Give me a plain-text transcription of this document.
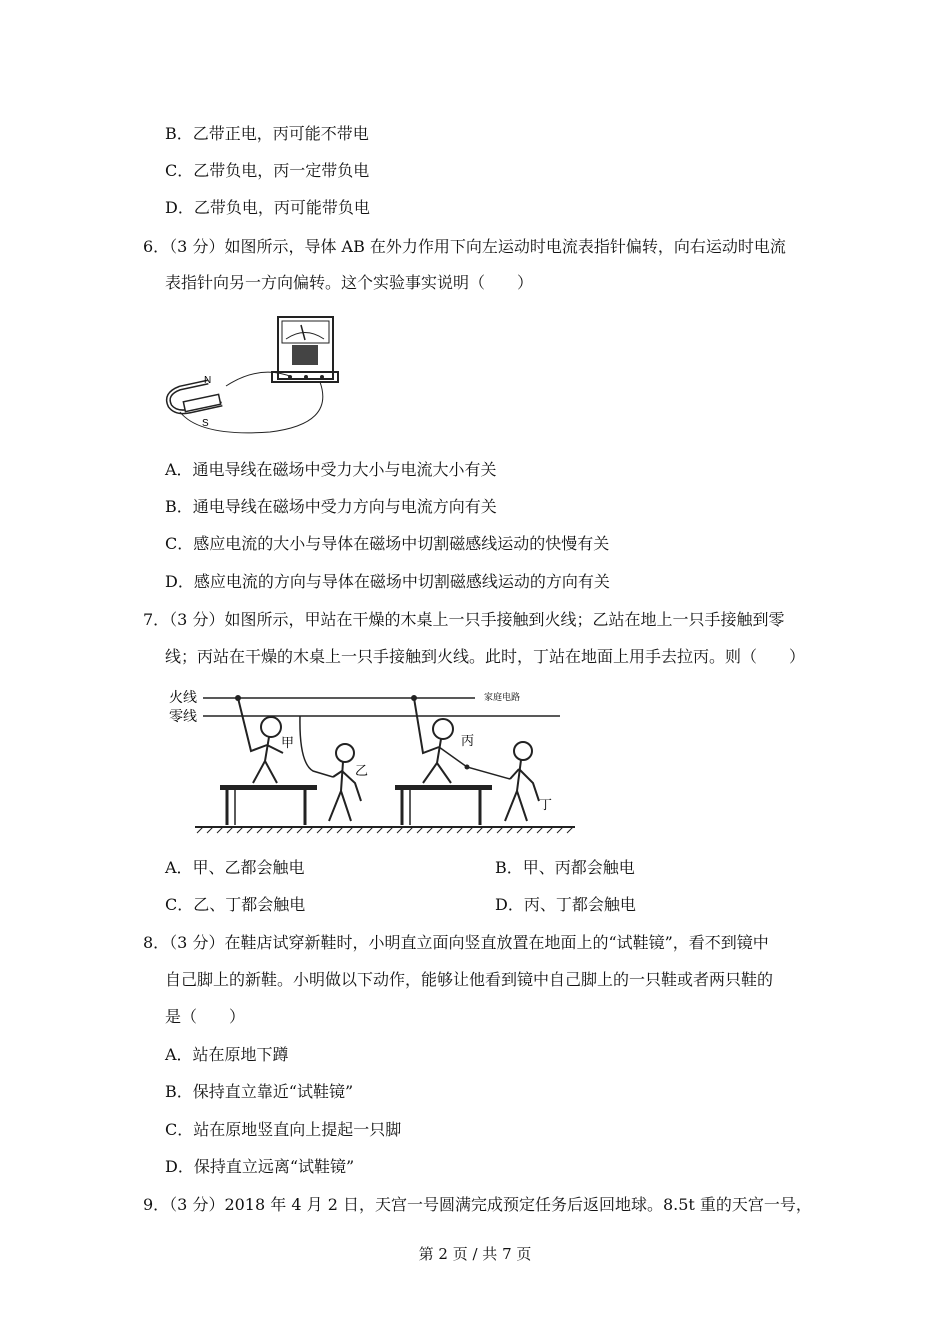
B．乙带正电，丙可能不带电
C．乙带负电，丙一定带负电
D．乙带负电，丙可能带负电
6．（3 分）如图所示，导体 AB 在外力作用下向左运动时电流表指针偏转，向右运动时电流
表指针向另一方向偏转。这个实验事实说明（　　）
N
S
A．通电导线在磁场中受力大小与电流大小有关
B．通电导线在磁场中受力方向与电流方向有关
C．感应电流的大小与导体在磁场中切割磁感线运动的快慢有关
D．感应电流的方向与导体在磁场中切割磁感线运动的方向有关
7．（3 分）如图所示，甲站在干燥的木桌上一只手接触到火线；乙站在地上一只手接触到零
线；丙站在干燥的木桌上一只手接触到火线。此时，丁站在地面上用手去拉丙。则（　　）
火线
零线
家庭电路
甲
乙
丙
丁
A．甲、乙都会触电	B．甲、丙都会触电
C．乙、丁都会触电	D．丙、丁都会触电
8．（3 分）在鞋店试穿新鞋时，小明直立面向竖直放置在地面上的“试鞋镜”，看不到镜中
自己脚上的新鞋。小明做以下动作，能够让他看到镜中自己脚上的一只鞋或者两只鞋的
是（　　）
A．站在原地下蹲
B．保持直立靠近“试鞋镜”
C．站在原地竖直向上提起一只脚
D．保持直立远离“试鞋镜”
9．（3 分）2018 年 4 月 2 日，天宫一号圆满完成预定任务后返回地球。8.5t 重的天宫一号，
第 2 页 / 共 7 页
